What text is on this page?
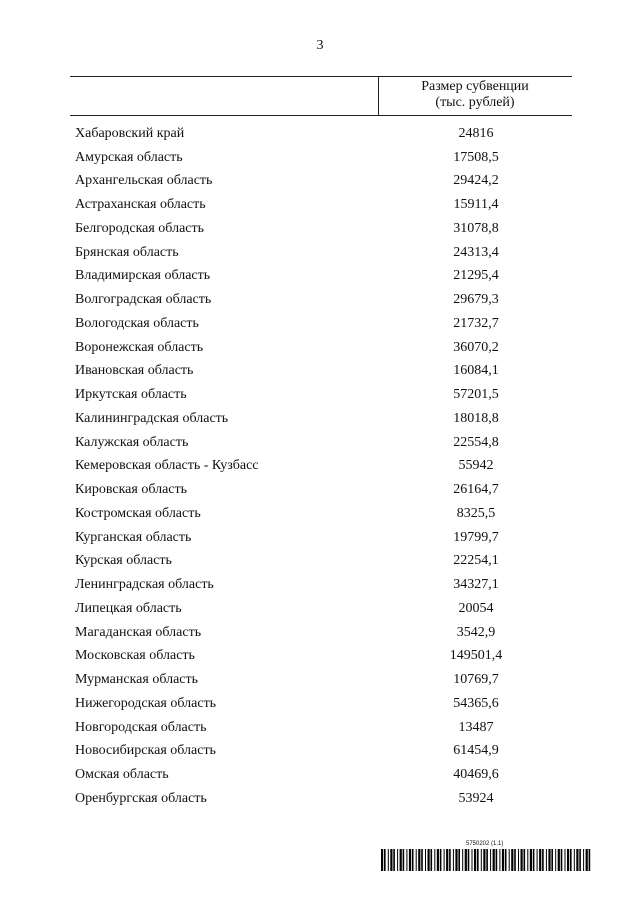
3
Размер субвенции
(тыс. рублей)
Хабаровский край	24816
Амурская область	17508,5
Архангельская область	29424,2
Астраханская область	15911,4
Белгородская область	31078,8
Брянская область	24313,4
Владимирская область	21295,4
Волгоградская область	29679,3
Вологодская область	21732,7
Воронежская область	36070,2
Ивановская область	16084,1
Иркутская область	57201,5
Калининградская область	18018,8
Калужская область	22554,8
Кемеровская область - Кузбасс	55942
Кировская область	26164,7
Костромская область	8325,5
Курганская область	19799,7
Курская область	22254,1
Ленинградская область	34327,1
Липецкая область	20054
Магаданская область	3542,9
Московская область	149501,4
Мурманская область	10769,7
Нижегородская область	54365,6
Новгородская область	13487
Новосибирская область	61454,9
Омская область	40469,6
Оренбургская область	53924
5750202 (1.1)
